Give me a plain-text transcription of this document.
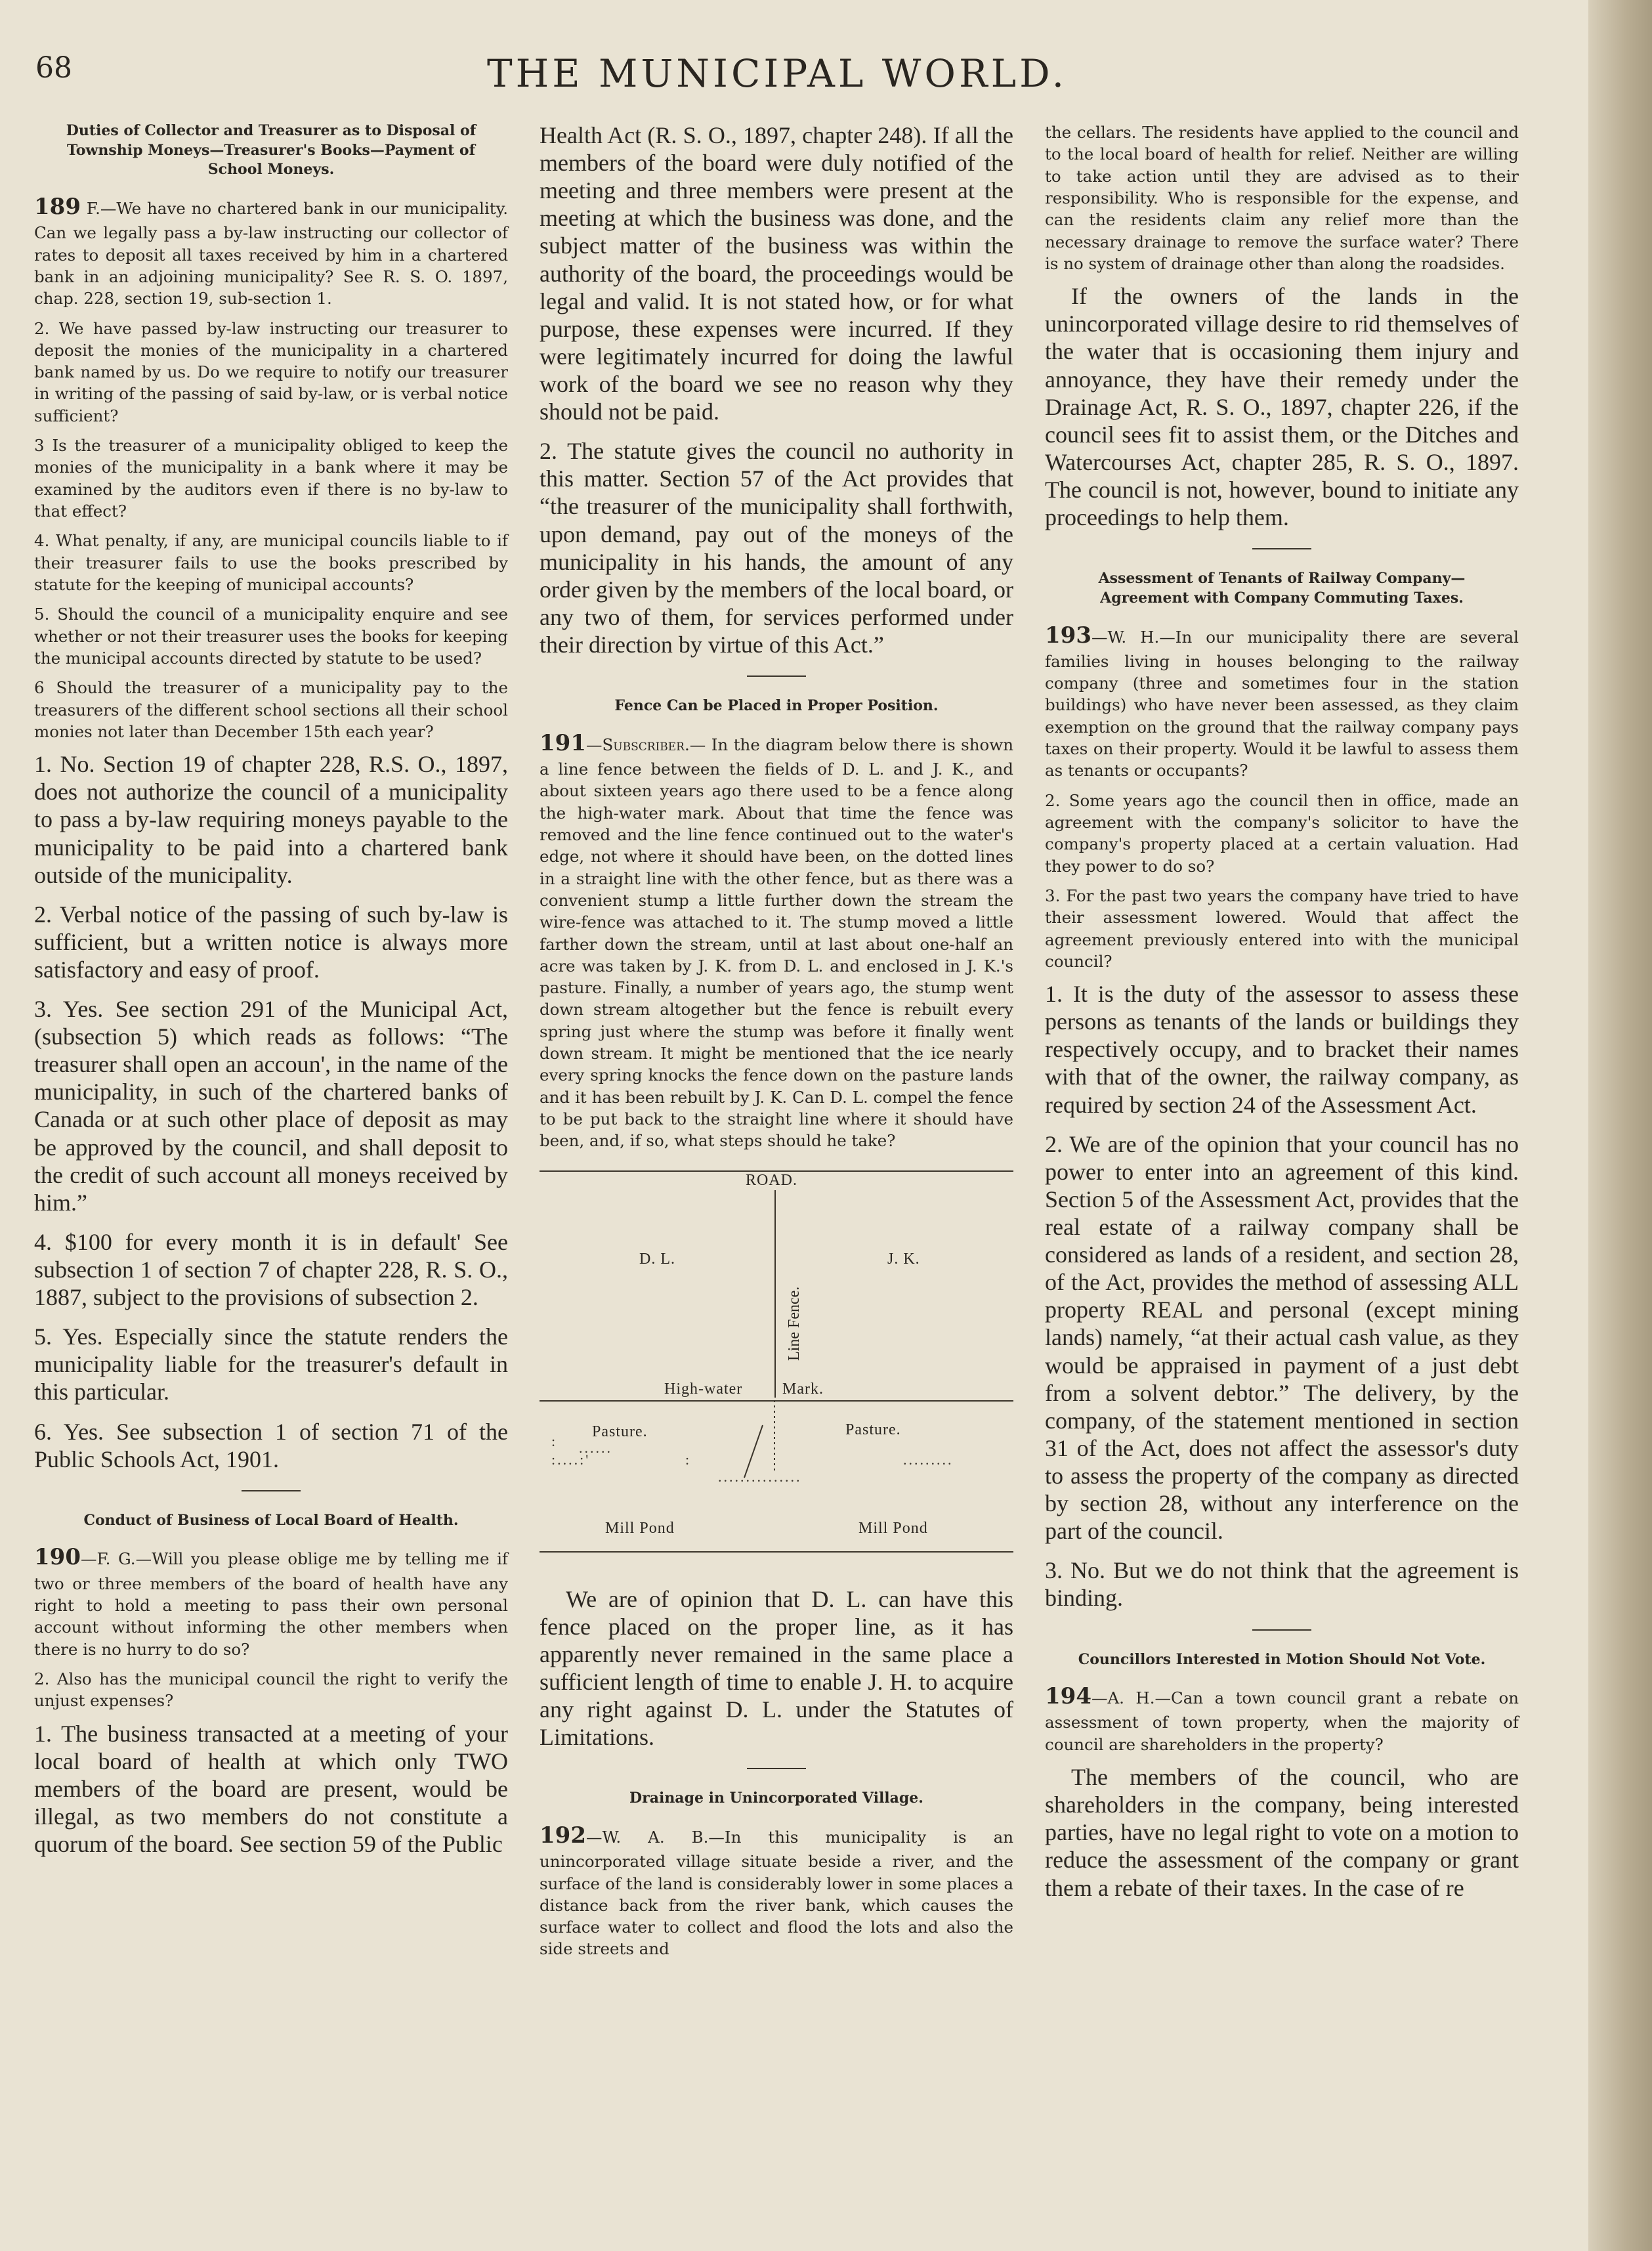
68	THE MUNICIPAL WORLD.
Duties of Collector and Treasurer as to Disposal of Township Moneys—Treasurer's Books—Payment of School Moneys.

189 F.—We have no chartered bank in our municipality. Can we legally pass a by-law instructing our collector of rates to deposit all taxes received by him in a chartered bank in an adjoining municipality? See R. S. O. 1897, chap. 228, section 19, sub-section 1.

2. We have passed by-law instructing our treasurer to deposit the monies of the municipality in a chartered bank named by us. Do we require to notify our treasurer in writing of the passing of said by-law, or is verbal notice sufficient?

3 Is the treasurer of a municipality obliged to keep the monies of the municipality in a bank where it may be examined by the auditors even if there is no by-law to that effect?

4. What penalty, if any, are municipal councils liable to if their treasurer fails to use the books prescribed by statute for the keeping of municipal accounts?

5. Should the council of a municipality enquire and see whether or not their treasurer uses the books for keeping the municipal accounts directed by statute to be used?

6 Should the treasurer of a municipality pay to the treasurers of the different school sections all their school monies not later than December 15th each year?

1. No. Section 19 of chapter 228, R.S. O., 1897, does not authorize the council of a municipality to pass a by-law requiring moneys payable to the municipality to be paid into a chartered bank outside of the municipality.

2. Verbal notice of the passing of such by-law is sufficient, but a written notice is always more satisfactory and easy of proof.

3. Yes. See section 291 of the Municipal Act, (subsection 5) which reads as follows: “The treasurer shall open an accoun', in the name of the municipality, in such of the chartered banks of Canada or at such other place of deposit as may be approved by the council, and shall deposit to the credit of such account all moneys received by him.”

4. $100 for every month it is in default' See subsection 1 of section 7 of chapter 228, R. S. O., 1887, subject to the provisions of subsection 2.

5. Yes. Especially since the statute renders the municipality liable for the treasurer's default in this particular.

6. Yes. See subsection 1 of section 71 of the Public Schools Act, 1901.

Conduct of Business of Local Board of Health.

190—F. G.—Will you please oblige me by telling me if two or three members of the board of health have any right to hold a meeting to pass their own personal account without informing the other members when there is no hurry to do so?

2. Also has the municipal council the right to verify the unjust expenses?

1. The business transacted at a meeting of your local board of health at which only TWO members of the board are present, would be illegal, as two members do not constitute a quorum of the board. See section 59 of the Public

Health Act (R. S. O., 1897, chapter 248). If all the members of the board were duly notified of the meeting and three members were present at the meeting at which the business was done, and the subject matter of the business was within the authority of the board, the proceedings would be legal and valid. It is not stated how, or for what purpose, these expenses were incurred. If they were legitimately incurred for doing the lawful work of the board we see no reason why they should not be paid.

2. The statute gives the council no authority in this matter. Section 57 of the Act provides that “the treasurer of the municipality shall forthwith, upon demand, pay out of the moneys of the municipality in his hands, the amount of any order given by the members of the local board, or any two of them, for services performed under their direction by virtue of this Act.”

Fence Can be Placed in Proper Position.

191—Subscriber.— In the diagram below there is shown a line fence between the fields of D. L. and J. K., and about sixteen years ago there used to be a fence along the high-water mark. About that time the fence was removed and the line fence continued out to the water's edge, not where it should have been, on the dotted lines in a straight line with the other fence, but as there was a convenient stump a little further down the stream the wire-fence was attached to it. The stump moved a little farther down the stream, until at last about one-half an acre was taken by J. K. from D. L. and enclosed in J. K.'s pasture. Finally, a number of years ago, the stump went down stream altogether but the fence is rebuilt every spring just where the stump was before it finally went down stream. It might be mentioned that the ice nearly every spring knocks the fence down on the pasture lands and it has been rebuilt by J. K. Can D. L. compel the fence to be put back to the straight line where it should have been, and, if so, what steps should he take?

ROAD.
D. L.	J. K.
Line Fence.
High-water	Mark.
Pasture.	Pasture.
: ......
:....:'	:	.........
...............
Mill Pond	Mill Pond

We are of opinion that D. L. can have this fence placed on the proper line, as it has apparently never remained in the same place a sufficient length of time to enable J. H. to acquire any right against D. L. under the Statutes of Limitations.

Drainage in Unincorporated Village.

192—W. A. B.—In this municipality is an unincorporated village situate beside a river, and the surface of the land is considerably lower in some places a distance back from the river bank, which causes the surface water to collect and flood the lots and also the side streets and

the cellars. The residents have applied to the council and to the local board of health for relief. Neither are willing to take action until they are advised as to their responsibility. Who is responsible for the expense, and can the residents claim any relief more than the necessary drainage to remove the surface water? There is no system of drainage other than along the roadsides.

If the owners of the lands in the unincorporated village desire to rid themselves of the water that is occasioning them injury and annoyance, they have their remedy under the Drainage Act, R. S. O., 1897, chapter 226, if the council sees fit to assist them, or the Ditches and Watercourses Act, chapter 285, R. S. O., 1897. The council is not, however, bound to initiate any proceedings to help them.

Assessment of Tenants of Railway Company—Agreement with Company Commuting Taxes.

193—W. H.—In our municipality there are several families living in houses belonging to the railway company (three and sometimes four in the station buildings) who have never been assessed, as they claim exemption on the ground that the railway company pays taxes on their property. Would it be lawful to assess them as tenants or occupants?

2. Some years ago the council then in office, made an agreement with the company's solicitor to have the company's property placed at a certain valuation. Had they power to do so?

3. For the past two years the company have tried to have their assessment lowered. Would that affect the agreement previously entered into with the municipal council?

1. It is the duty of the assessor to assess these persons as tenants of the lands or buildings they respectively occupy, and to bracket their names with that of the owner, the railway company, as required by section 24 of the Assessment Act.

2. We are of the opinion that your council has no power to enter into an agreement of this kind. Section 5 of the Assessment Act, provides that the real estate of a railway company shall be considered as lands of a resident, and section 28, of the Act, provides the method of assessing ALL property REAL and personal (except mining lands) namely, “at their actual cash value, as they would be appraised in payment of a just debt from a solvent debtor.” The delivery, by the company, of the statement mentioned in section 31 of the Act, does not affect the assessor's duty to assess the property of the company as directed by section 28, without any interference on the part of the council.

3. No. But we do not think that the agreement is binding.

Councillors Interested in Motion Should Not Vote.

194—A. H.—Can a town council grant a rebate on assessment of town property, when the majority of council are shareholders in the property?

The members of the council, who are shareholders in the company, being interested parties, have no legal right to vote on a motion to reduce the assessment of the company or grant them a rebate of their taxes. In the case of re
